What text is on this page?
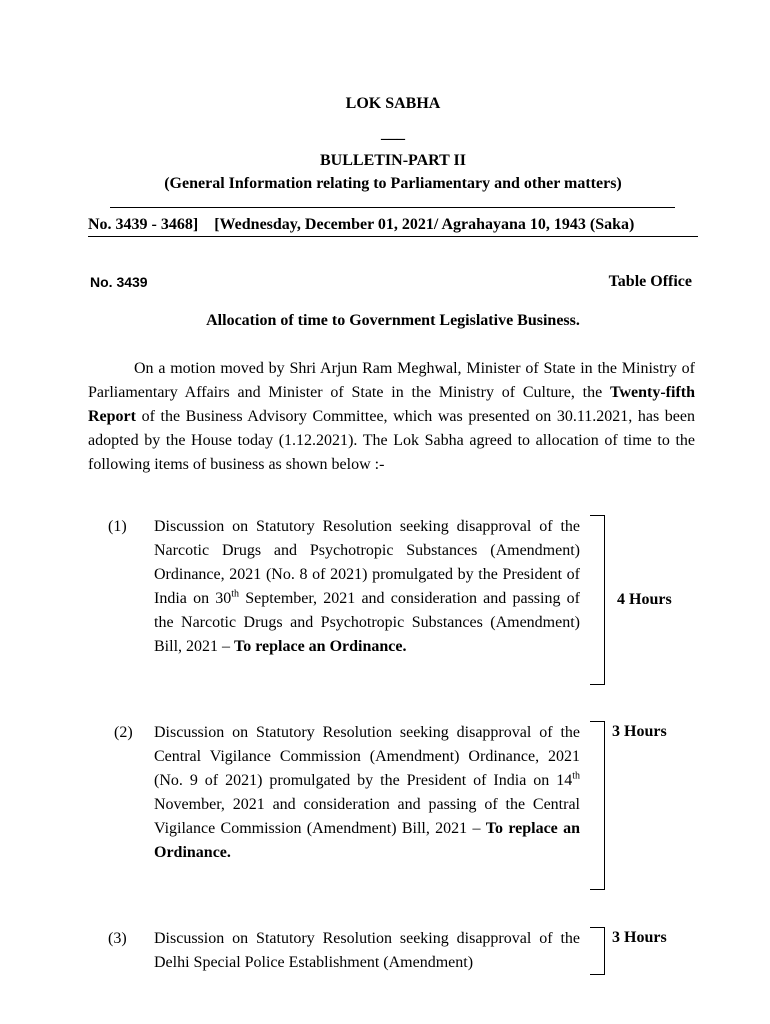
LOK SABHA
___
BULLETIN-PART II
(General Information relating to Parliamentary and other matters)
No. 3439 - 3468] [Wednesday, December 01, 2021/ Agrahayana 10, 1943 (Saka)
No. 3439	Table Office
Allocation of time to Government Legislative Business.
On a motion moved by Shri Arjun Ram Meghwal, Minister of State in the Ministry of Parliamentary Affairs and Minister of State in the Ministry of Culture, the Twenty-fifth Report of the Business Advisory Committee, which was presented on 30.11.2021, has been adopted by the House today (1.12.2021). The Lok Sabha agreed to allocation of time to the following items of business as shown below :-
(1)	Discussion on Statutory Resolution seeking disapproval of the Narcotic Drugs and Psychotropic Substances (Amendment) Ordinance, 2021 (No. 8 of 2021) promulgated by the President of India on 30th September, 2021 and consideration and passing of the Narcotic Drugs and Psychotropic Substances (Amendment) Bill, 2021 – To replace an Ordinance.
4 Hours
(2)	Discussion on Statutory Resolution seeking disapproval of the Central Vigilance Commission (Amendment) Ordinance, 2021 (No. 9 of 2021) promulgated by the President of India on 14th November, 2021 and consideration and passing of the Central Vigilance Commission (Amendment) Bill, 2021 – To replace an Ordinance.
3 Hours
(3)	Discussion on Statutory Resolution seeking disapproval of the Delhi Special Police Establishment (Amendment)
3 Hours
